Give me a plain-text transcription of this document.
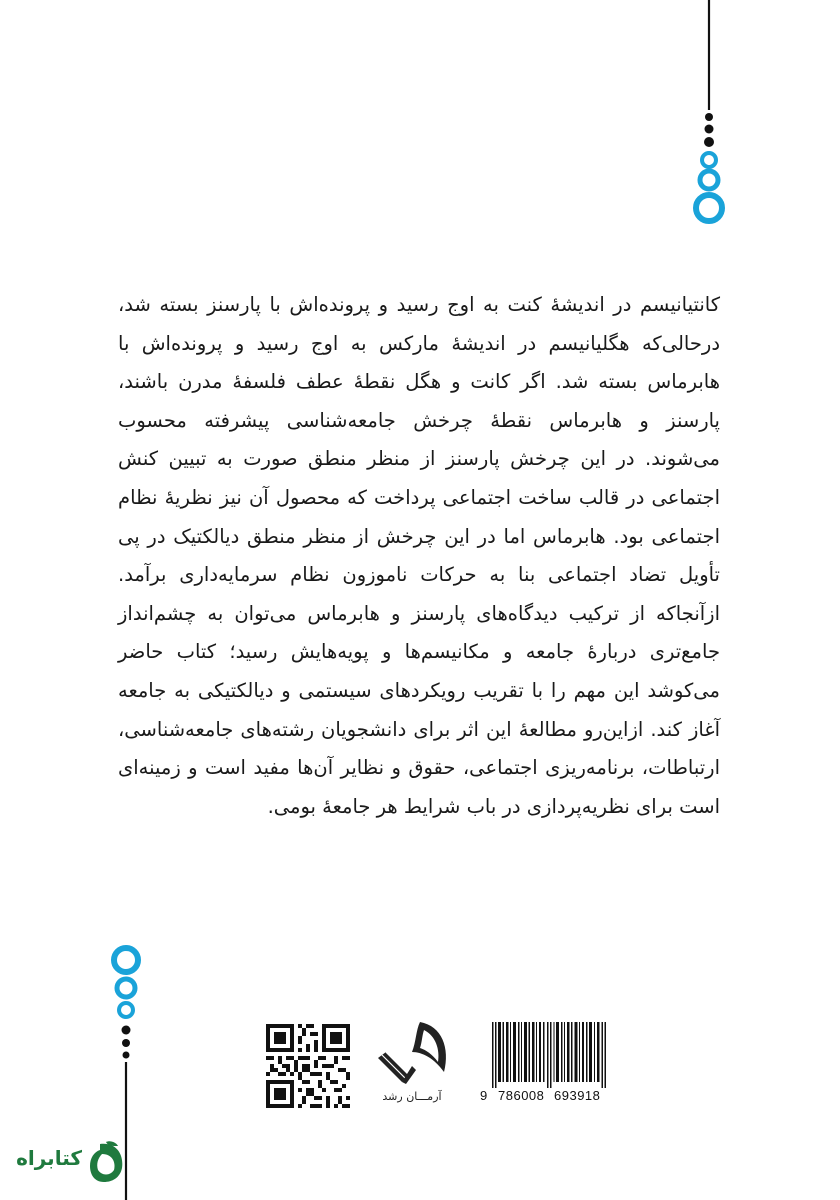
کانتیانیسم در اندیشهٔ کنت به اوج رسید و پرونده‌اش با پارسنز بسته شد، درحالی‌که هگلیانیسم در اندیشهٔ مارکس به اوج رسید و پرونده‌اش با هابرماس بسته شد. اگر کانت و هگل نقطهٔ عطف فلسفهٔ مدرن باشند، پارسنز و هابرماس نقطهٔ چرخش جامعه‌شناسی پیشرفته محسوب می‌شوند. در این چرخش پارسنز از منظر منطق صورت به تبیین کنش اجتماعی در قالب ساخت اجتماعی پرداخت که محصول آن نیز نظریهٔ نظام اجتماعی بود. هابرماس اما در این چرخش از منظر منطق دیالکتیک در پی تأویل تضاد اجتماعی بنا به حرکات ناموزون نظام سرمایه‌داری برآمد. ازآنجاکه از ترکیب دیدگاه‌های پارسنز و هابرماس می‌توان به چشم‌انداز جامع‌تری دربارهٔ جامعه و مکانیسم‌ها و پویه‌هایش رسید؛ کتاب حاضر می‌کوشد این مهم را با تقریب رویکردهای سیستمی و دیالکتیکی به جامعه آغاز کند. ازاین‌رو مطالعهٔ این اثر برای دانشجویان رشته‌های جامعه‌شناسی، ارتباطات، برنامه‌ریزی اجتماعی، حقوق و نظایر آن‌ها مفید است و زمینه‌ای است برای نظریه‌پردازی در باب شرایط هر جامعهٔ بومی.

آرمـــان رشد	9 786008 693918
کتابراه
